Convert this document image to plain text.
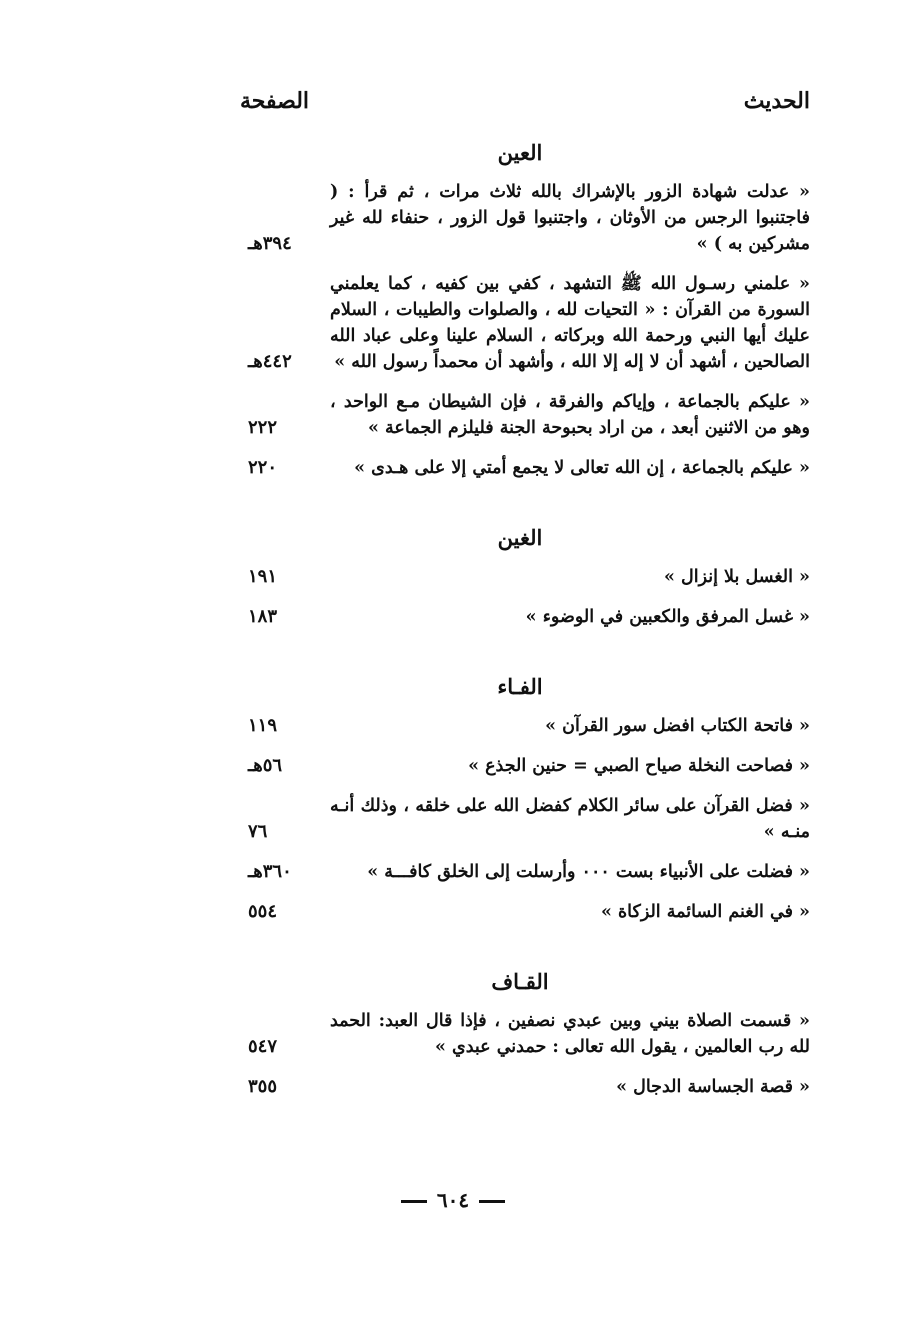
الحديث
الصفحة
العين
« عدلت شهادة الزور بالإشراك بالله ثلاث مرات ، ثم قرأ : ( فاجتنبوا الرجس من الأوثان ، واجتنبوا قول الزور ، حنفاء لله غير مشركين به ) »
٣٩٤هـ
« علمني رسـول الله ﷺ التشهد ، كفي بين كفيه ، كما يعلمني السورة من القرآن : « التحيات لله ، والصلوات والطيبات ، السلام عليك أيها النبي ورحمة الله وبركاته ، السلام علينا وعلى عباد الله الصالحين ، أشهد أن لا إله إلا الله ، وأشهد أن محمداً رسول الله »
٤٤٢هـ
« عليكم بالجماعة ، وإياكم والفرقة ، فإن الشيطان مـع الواحد ، وهو من الاثنين أبعد ، من اراد بحبوحة الجنة فليلزم الجماعة »
٢٢٢
« عليكم بالجماعة ، إن الله تعالى لا يجمع أمتي إلا على هـدى »
٢٢٠
الغين
« الغسل بلا إنزال »
١٩١
« غسل المرفق والكعبين في الوضوء »
١٨٣
الفـاء
« فاتحة الكتاب افضل سور القرآن »
١١٩
« فصاحت النخلة صياح الصبي = حنين الجذع »
٥٦هـ
« فضل القرآن على سائر الكلام كفضل الله على خلقه ، وذلك أنـه منـه »
٧٦
« فضلت على الأنبياء بست ٠٠٠ وأرسلت إلى الخلق كافـــة »
٣٦٠هـ
« في الغنم السائمة الزكاة »
٥٥٤
القـاف
« قسمت الصلاة بيني وبين عبدي نصفين ، فإذا قال العبد: الحمد لله رب العالمين ، يقول الله تعالى : حمدني عبدي »
٥٤٧
« قصة الجساسة الدجال »
٣٥٥
٦٠٤
